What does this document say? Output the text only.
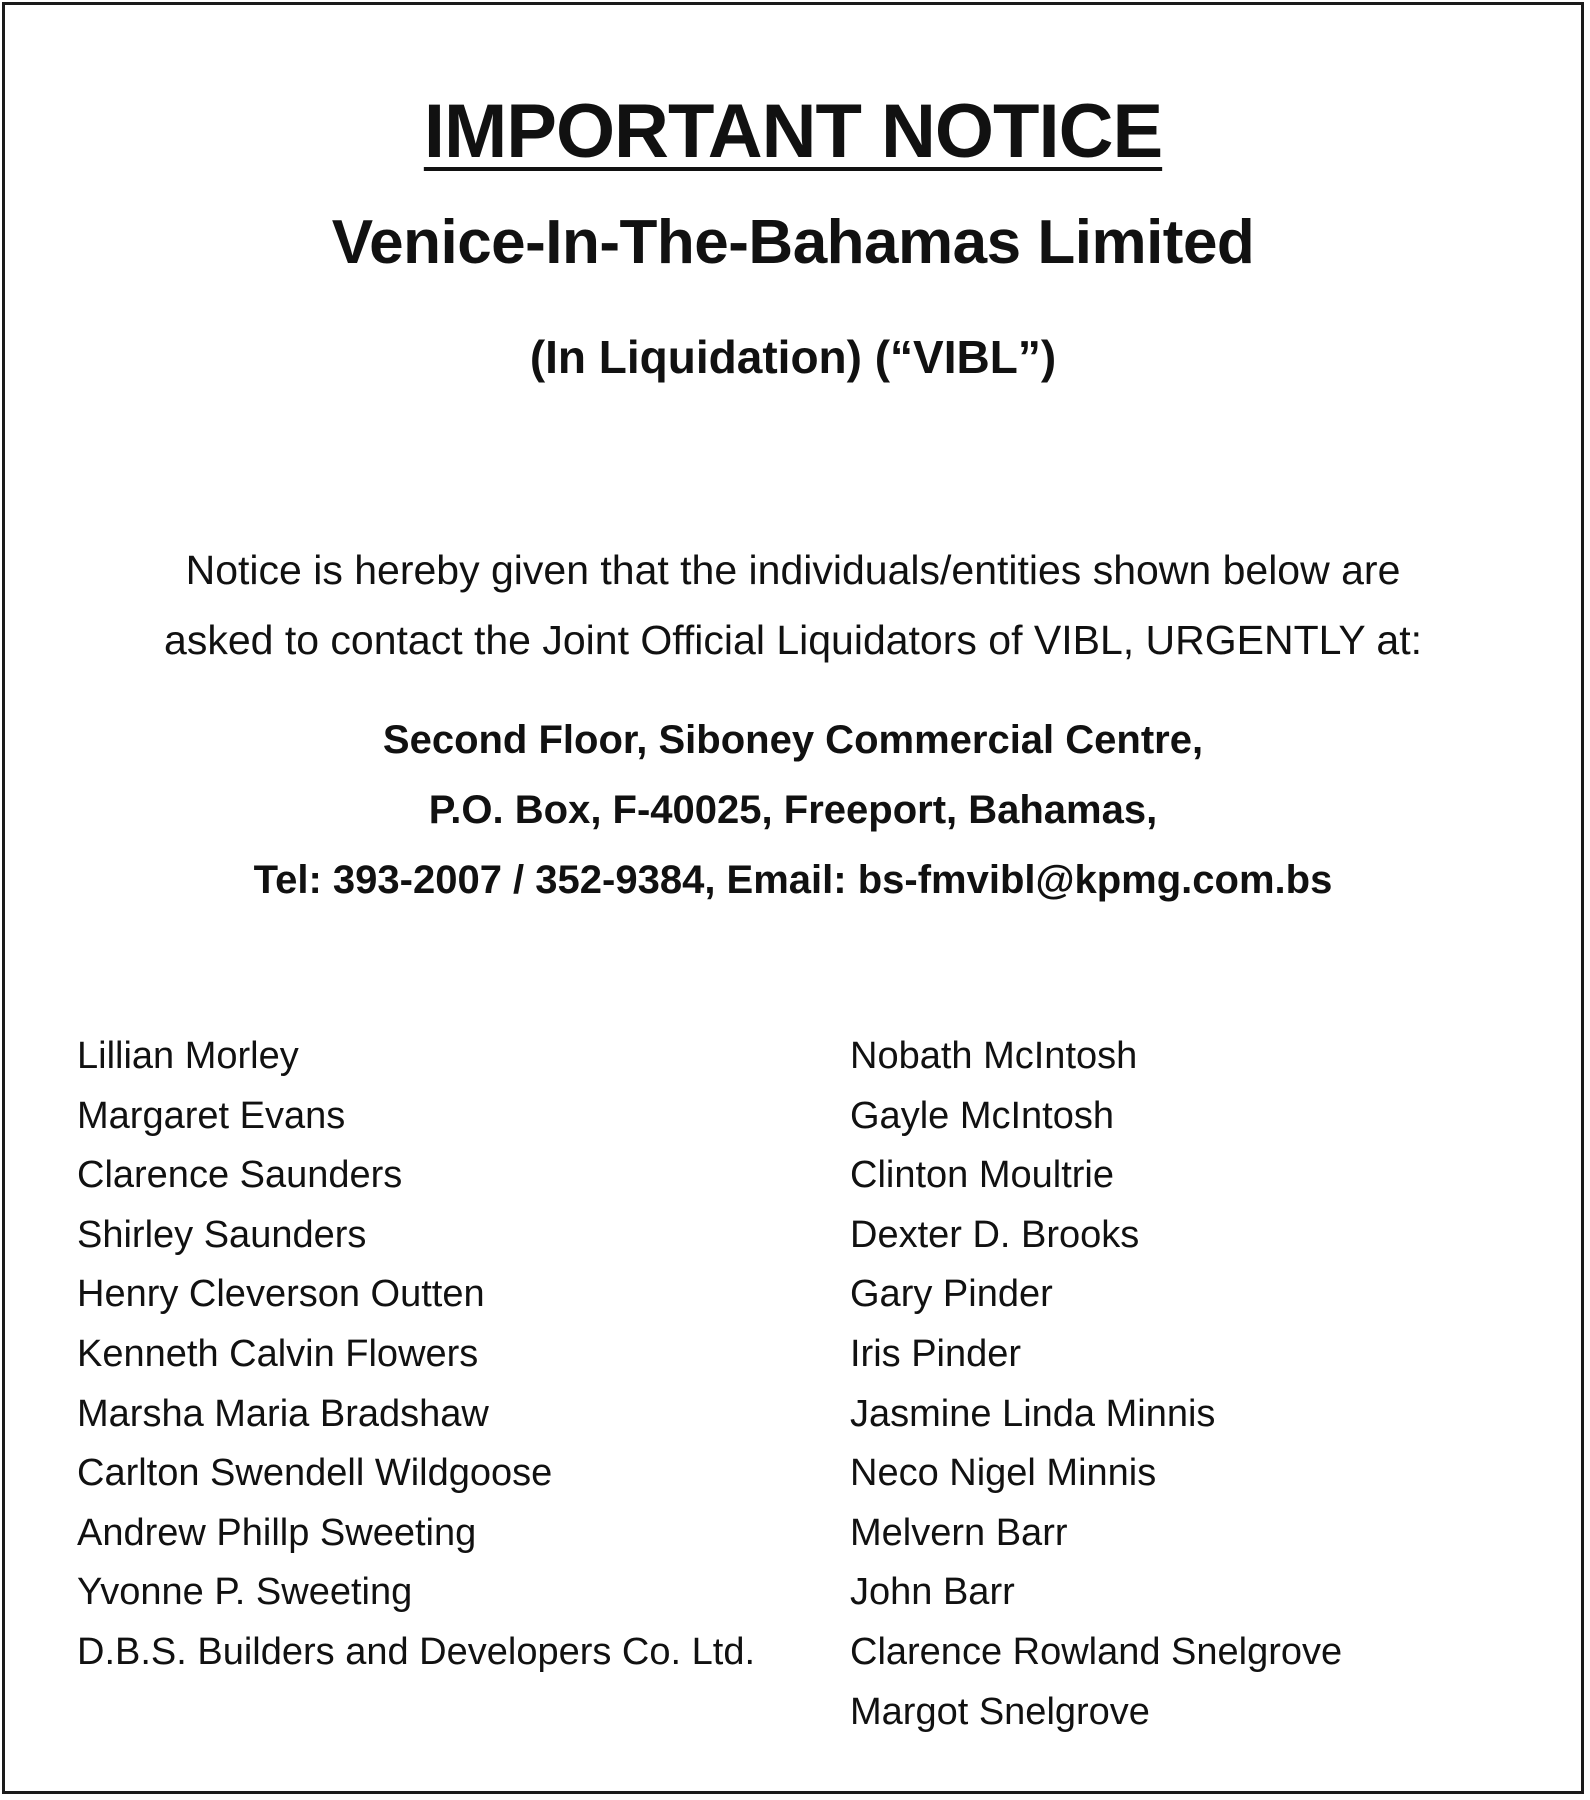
IMPORTANT NOTICE
Venice-In-The-Bahamas Limited
(In Liquidation) (“VIBL”)
Notice is hereby given that the individuals/entities shown below are
asked to contact the Joint Official Liquidators of VIBL, URGENTLY at:
Second Floor, Siboney Commercial Centre,
P.O. Box, F-40025, Freeport, Bahamas,
Tel: 393-2007 / 352-9384, Email: bs-fmvibl@kpmg.com.bs
Lillian Morley
Margaret Evans
Clarence Saunders
Shirley Saunders
Henry Cleverson Outten
Kenneth Calvin Flowers
Marsha Maria Bradshaw
Carlton Swendell Wildgoose
Andrew Phillp Sweeting
Yvonne P. Sweeting
D.B.S. Builders and Developers Co. Ltd.
Nobath McIntosh
Gayle McIntosh
Clinton Moultrie
Dexter D. Brooks
Gary Pinder
Iris Pinder
Jasmine Linda Minnis
Neco Nigel Minnis
Melvern Barr
John Barr
Clarence Rowland Snelgrove
Margot Snelgrove
